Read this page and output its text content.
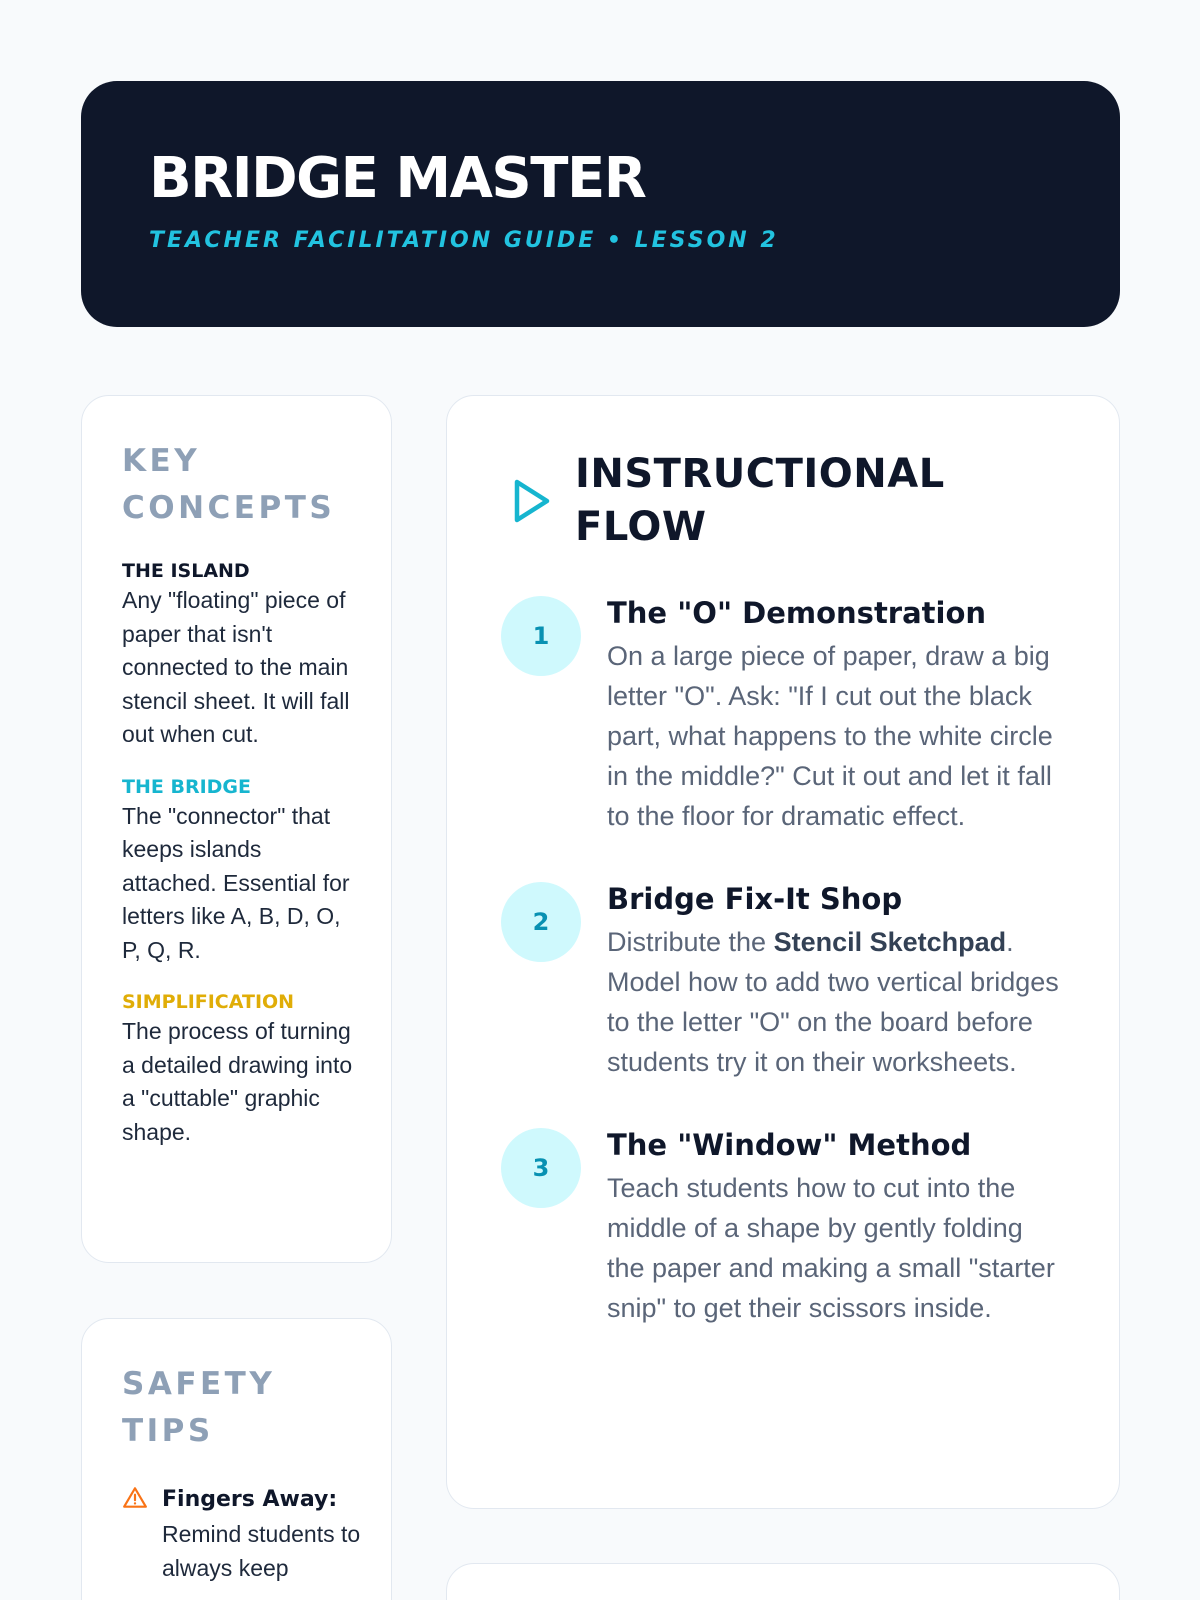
BRIDGE MASTER
TEACHER FACILITATION GUIDE • LESSON 2
KEY CONCEPTS
THE ISLAND
Any "floating" piece of paper that isn't connected to the main stencil sheet. It will fall out when cut.
THE BRIDGE
The "connector" that keeps islands attached. Essential for letters like A, B, D, O, P, Q, R.
SIMPLIFICATION
The process of turning a detailed drawing into a "cuttable" graphic shape.
SAFETY TIPS
Fingers Away:
Remind students to always keep
INSTRUCTIONAL FLOW
1
The "O" Demonstration
On a large piece of paper, draw a big letter "O". Ask: "If I cut out the black part, what happens to the white circle in the middle?" Cut it out and let it fall to the floor for dramatic effect.
2
Bridge Fix-It Shop
Distribute the Stencil Sketchpad. Model how to add two vertical bridges to the letter "O" on the board before students try it on their worksheets.
3
The "Window" Method
Teach students how to cut into the middle of a shape by gently folding the paper and making a small "starter snip" to get their scissors inside.
